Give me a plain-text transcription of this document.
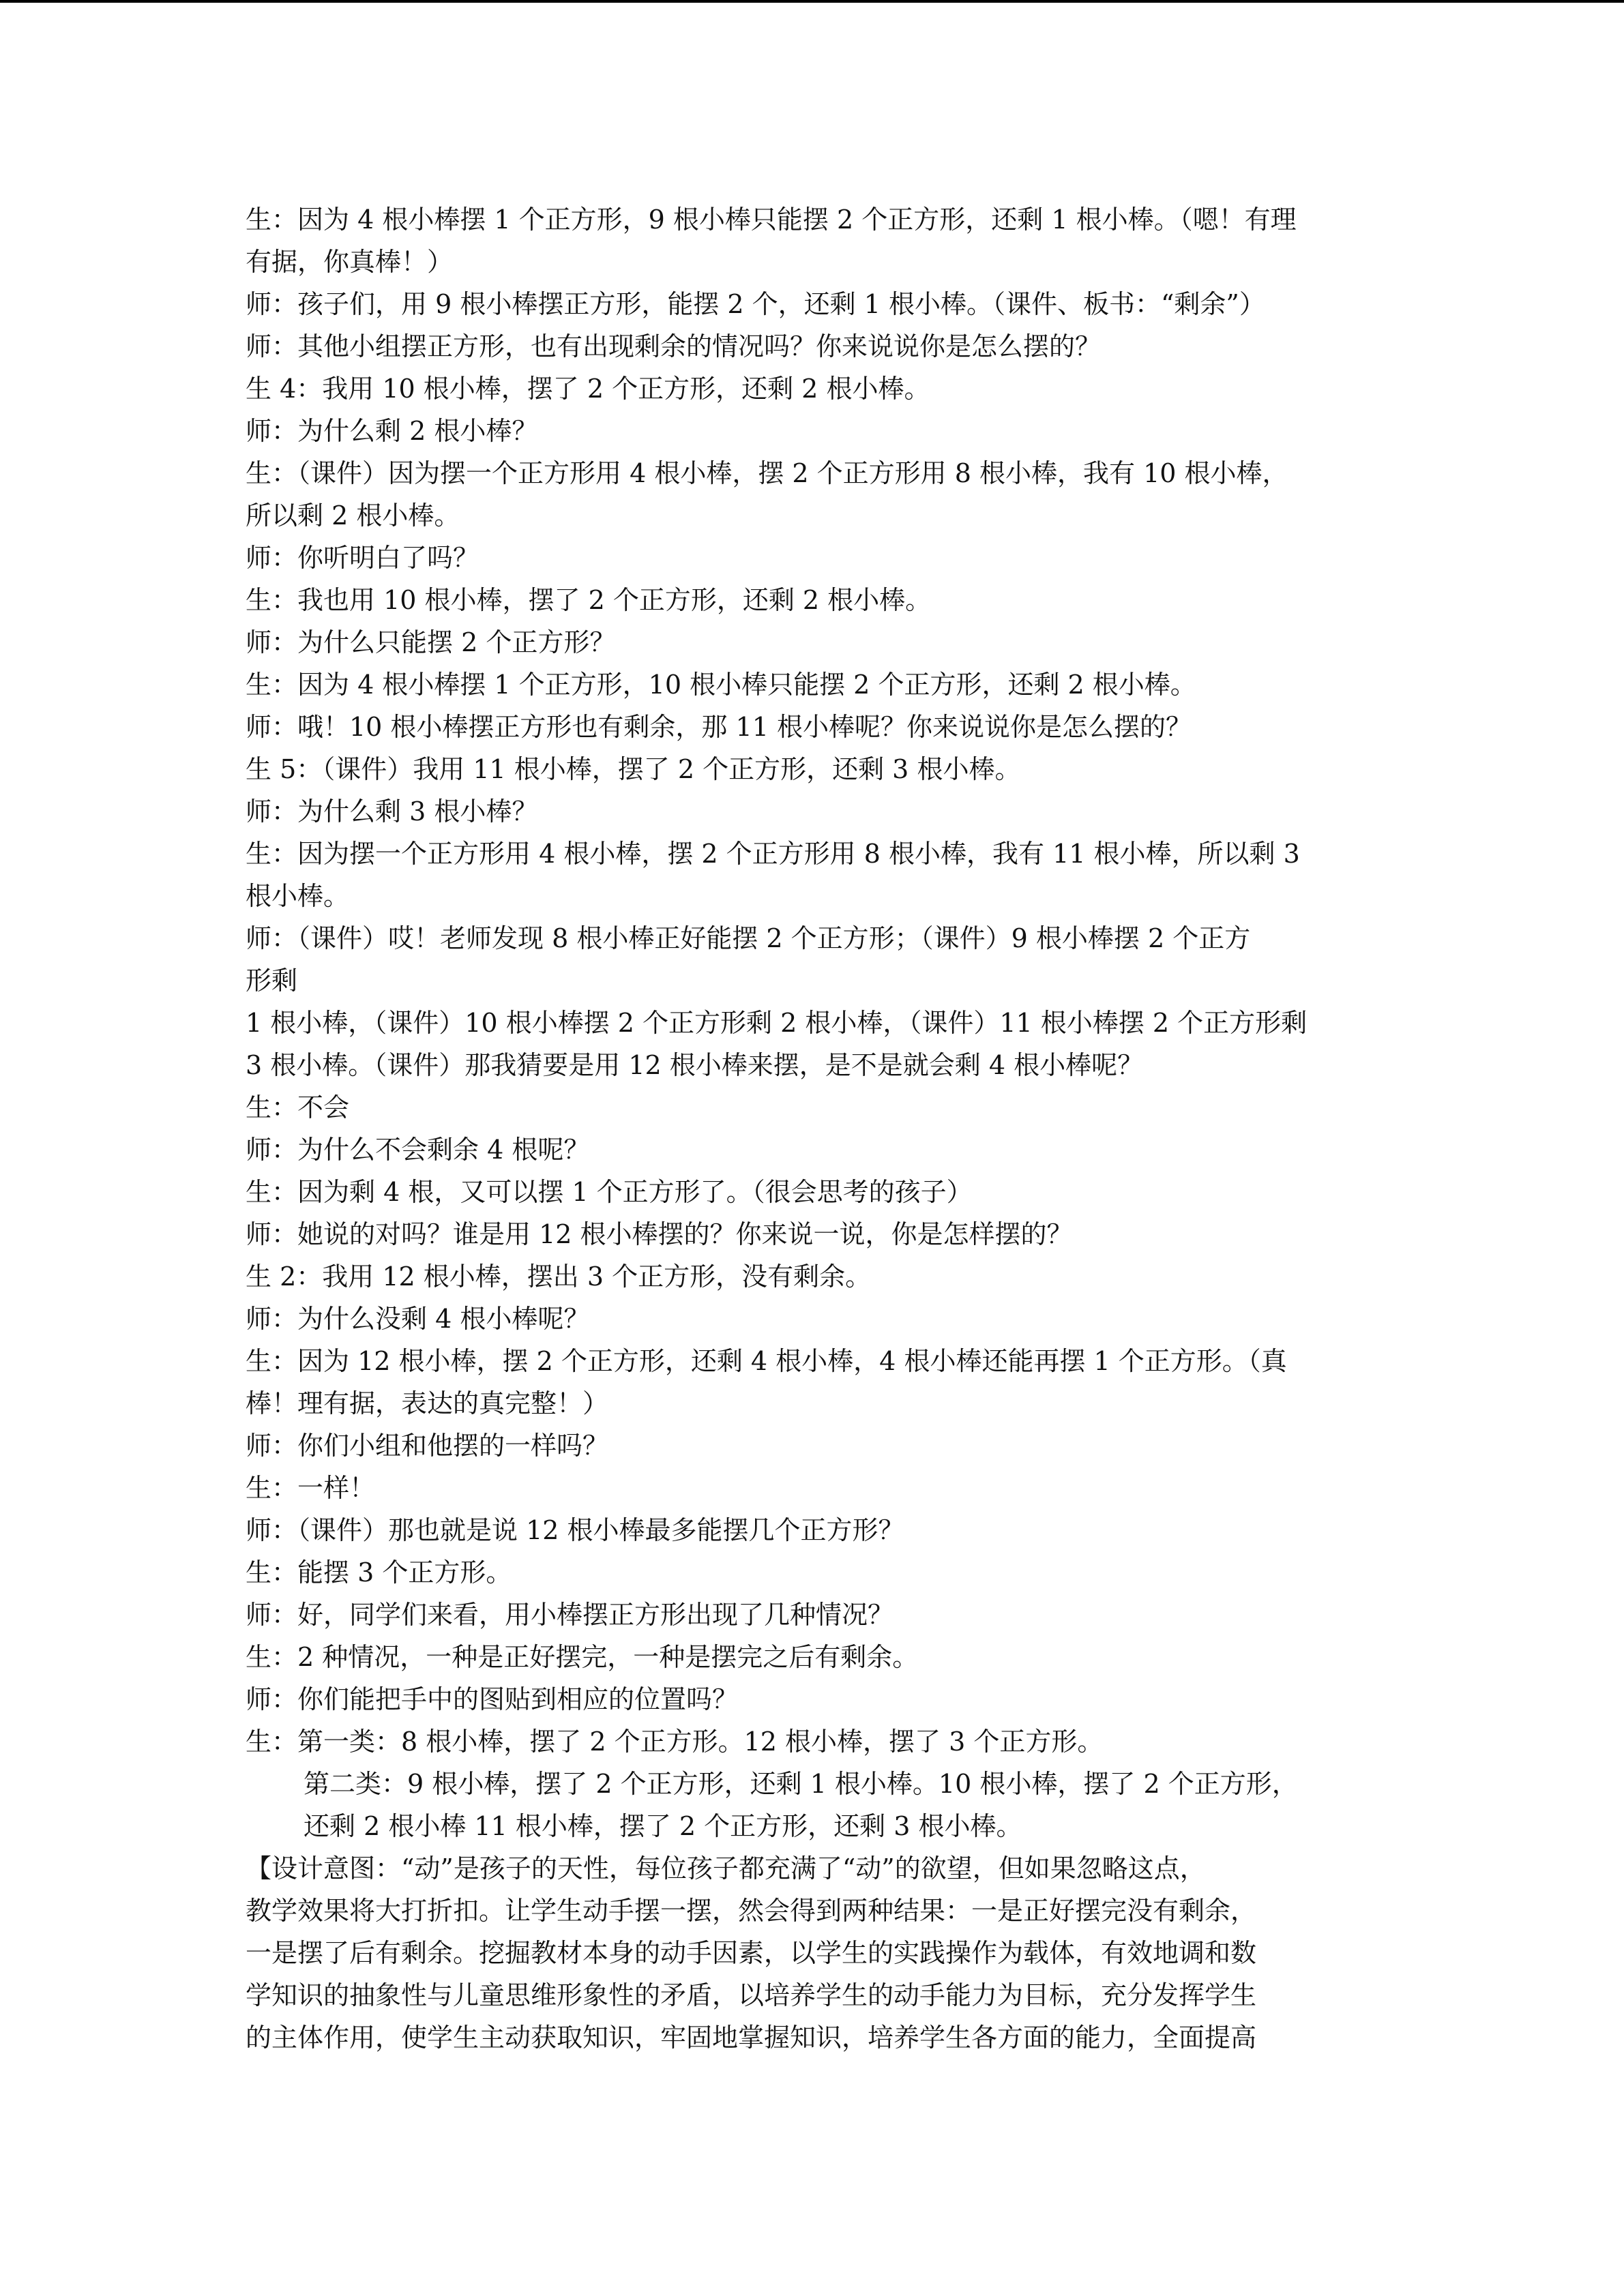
生：因为 4 根小棒摆 1 个正方形，9 根小棒只能摆 2 个正方形，还剩 1 根小棒。（嗯！有理
有据，你真棒！）
师：孩子们，用 9 根小棒摆正方形，能摆 2 个，还剩 1 根小棒。（课件、板书：“剩余”）
师：其他小组摆正方形，也有出现剩余的情况吗？你来说说你是怎么摆的？
生 4：我用 10 根小棒，摆了 2 个正方形，还剩 2 根小棒。
师：为什么剩 2 根小棒？
生：（课件）因为摆一个正方形用 4 根小棒，摆 2 个正方形用 8 根小棒，我有 10 根小棒，
所以剩 2 根小棒。
师：你听明白了吗？
生：我也用 10 根小棒，摆了 2 个正方形，还剩 2 根小棒。
师：为什么只能摆 2 个正方形？
生：因为 4 根小棒摆 1 个正方形，10 根小棒只能摆 2 个正方形，还剩 2 根小棒。
师：哦！10 根小棒摆正方形也有剩余，那 11 根小棒呢？你来说说你是怎么摆的？
生 5：（课件）我用 11 根小棒，摆了 2 个正方形，还剩 3 根小棒。
师：为什么剩 3 根小棒？
生：因为摆一个正方形用 4 根小棒，摆 2 个正方形用 8 根小棒，我有 11 根小棒，所以剩 3
根小棒。
师：（课件）哎！老师发现 8 根小棒正好能摆 2 个正方形；（课件）9 根小棒摆 2 个正方
形剩
1 根小棒，（课件）10 根小棒摆 2 个正方形剩 2 根小棒，（课件）11 根小棒摆 2 个正方形剩
3 根小棒。（课件）那我猜要是用 12 根小棒来摆，是不是就会剩 4 根小棒呢？
生：不会
师：为什么不会剩余 4 根呢？
生：因为剩 4 根，又可以摆 1 个正方形了。（很会思考的孩子）
师：她说的对吗？谁是用 12 根小棒摆的？你来说一说，你是怎样摆的？
生 2：我用 12 根小棒，摆出 3 个正方形，没有剩余。
师：为什么没剩 4 根小棒呢？
生：因为 12 根小棒，摆 2 个正方形，还剩 4 根小棒，4 根小棒还能再摆 1 个正方形。（真
棒！理有据，表达的真完整！）
师：你们小组和他摆的一样吗？
生：一样！
师：（课件）那也就是说 12 根小棒最多能摆几个正方形？
生：能摆 3 个正方形。
师：好，同学们来看，用小棒摆正方形出现了几种情况？
生：2 种情况，一种是正好摆完，一种是摆完之后有剩余。
师：你们能把手中的图贴到相应的位置吗？
生：第一类：8 根小棒，摆了 2 个正方形。12 根小棒，摆了 3 个正方形。
第二类：9 根小棒，摆了 2 个正方形，还剩 1 根小棒。10 根小棒，摆了 2 个正方形，
还剩 2 根小棒 11 根小棒，摆了 2 个正方形，还剩 3 根小棒。
【设计意图：“动”是孩子的天性，每位孩子都充满了“动”的欲望，但如果忽略这点，
教学效果将大打折扣。让学生动手摆一摆，然会得到两种结果：一是正好摆完没有剩余，
一是摆了后有剩余。挖掘教材本身的动手因素，以学生的实践操作为载体，有效地调和数
学知识的抽象性与儿童思维形象性的矛盾，以培养学生的动手能力为目标，充分发挥学生
的主体作用，使学生主动获取知识，牢固地掌握知识，培养学生各方面的能力，全面提高
